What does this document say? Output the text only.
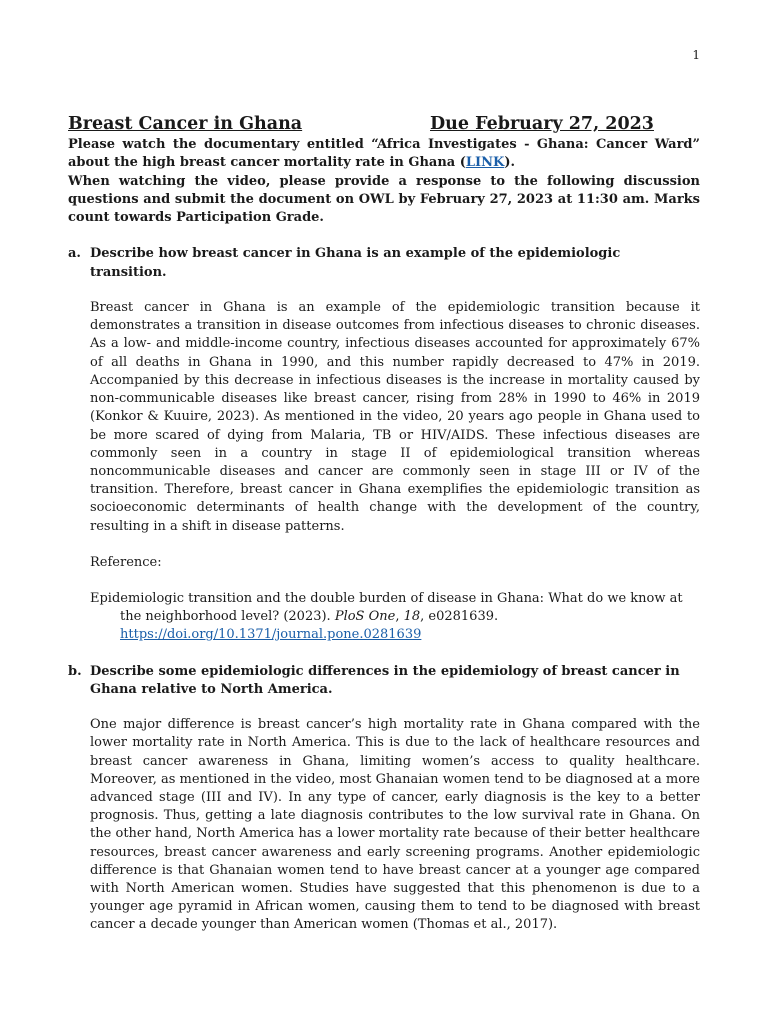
1
Breast Cancer in Ghana	Due February 27, 2023
Please watch the documentary entitled “Africa Investigates - Ghana: Cancer Ward” about the high breast cancer mortality rate in Ghana (LINK).
When watching the video, please provide a response to the following discussion questions and submit the document on OWL by February 27, 2023 at 11:30 am. Marks count towards Participation Grade.
a. Describe how breast cancer in Ghana is an example of the epidemiologic transition.
Breast cancer in Ghana is an example of the epidemiologic transition because it demonstrates a transition in disease outcomes from infectious diseases to chronic diseases. As a low- and middle-income country, infectious diseases accounted for approximately 67% of all deaths in Ghana in 1990, and this number rapidly decreased to 47% in 2019. Accompanied by this decrease in infectious diseases is the increase in mortality caused by non-communicable diseases like breast cancer, rising from 28% in 1990 to 46% in 2019 (Konkor & Kuuire, 2023). As mentioned in the video, 20 years ago people in Ghana used to be more scared of dying from Malaria, TB or HIV/AIDS. These infectious diseases are commonly seen in a country in stage II of epidemiological transition whereas noncommunicable diseases and cancer are commonly seen in stage III or IV of the transition. Therefore, breast cancer in Ghana exemplifies the epidemiologic transition as socioeconomic determinants of health change with the development of the country, resulting in a shift in disease patterns.
Reference:
Epidemiologic transition and the double burden of disease in Ghana: What do we know at the neighborhood level? (2023). PloS One, 18, e0281639.
https://doi.org/10.1371/journal.pone.0281639
b. Describe some epidemiologic differences in the epidemiology of breast cancer in Ghana relative to North America.
One major difference is breast cancer’s high mortality rate in Ghana compared with the lower mortality rate in North America. This is due to the lack of healthcare resources and breast cancer awareness in Ghana, limiting women’s access to quality healthcare. Moreover, as mentioned in the video, most Ghanaian women tend to be diagnosed at a more advanced stage (III and IV). In any type of cancer, early diagnosis is the key to a better prognosis. Thus, getting a late diagnosis contributes to the low survival rate in Ghana. On the other hand, North America has a lower mortality rate because of their better healthcare resources, breast cancer awareness and early screening programs. Another epidemiologic difference is that Ghanaian women tend to have breast cancer at a younger age compared with North American women. Studies have suggested that this phenomenon is due to a younger age pyramid in African women, causing them to tend to be diagnosed with breast cancer a decade younger than American women (Thomas et al., 2017).
